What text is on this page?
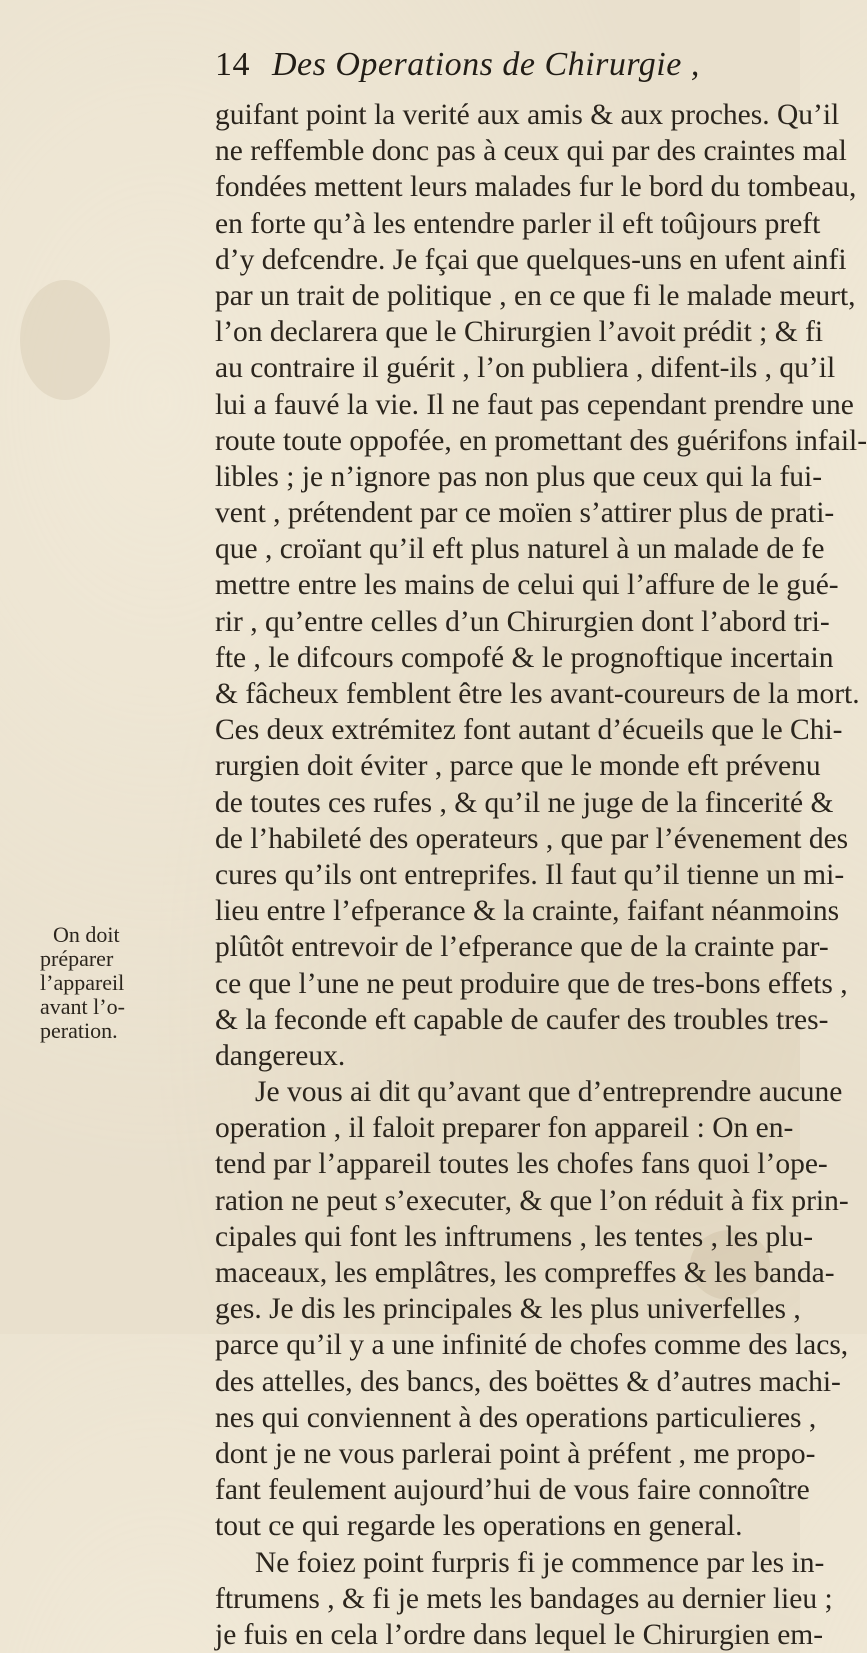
14 Des Operations de Chirurgie ,
guifant point la verité aux amis & aux proches. Qu’il
ne reffemble donc pas à ceux qui par des craintes mal
fondées mettent leurs malades fur le bord du tombeau,
en forte qu’à les entendre parler il eft toûjours preft
d’y defcendre. Je fçai que quelques-uns en ufent ainfi
par un trait de politique , en ce que fi le malade meurt,
l’on declarera que le Chirurgien l’avoit prédit ; & fi
au contraire il guérit , l’on publiera , difent-ils , qu’il
lui a fauvé la vie. Il ne faut pas cependant prendre une
route toute oppofée, en promettant des guérifons infail-
libles ; je n’ignore pas non plus que ceux qui la fui-
vent , prétendent par ce moïen s’attirer plus de prati-
que , croïant qu’il eft plus naturel à un malade de fe
mettre entre les mains de celui qui l’affure de le gué-
rir , qu’entre celles d’un Chirurgien dont l’abord tri-
fte , le difcours compofé & le prognoftique incertain
& fâcheux femblent être les avant-coureurs de la mort.
Ces deux extrémitez font autant d’écueils que le Chi-
rurgien doit éviter , parce que le monde eft prévenu
de toutes ces rufes , & qu’il ne juge de la fincerité &
de l’habileté des operateurs , que par l’évenement des
cures qu’ils ont entreprifes. Il faut qu’il tienne un mi-
lieu entre l’efperance & la crainte, faifant néanmoins
plûtôt entrevoir de l’efperance que de la crainte par-
ce que l’une ne peut produire que de tres-bons effets ,
& la feconde eft capable de caufer des troubles tres-
dangereux.
Je vous ai dit qu’avant que d’entreprendre aucune
operation , il faloit preparer fon appareil : On en-
tend par l’appareil toutes les chofes fans quoi l’ope-
ration ne peut s’executer, & que l’on réduit à fix prin-
cipales qui font les inftrumens , les tentes , les plu-
maceaux, les emplâtres, les compreffes & les banda-
ges. Je dis les principales & les plus univerfelles ,
parce qu’il y a une infinité de chofes comme des lacs,
des attelles, des bancs, des boëttes & d’autres machi-
nes qui conviennent à des operations particulieres ,
dont je ne vous parlerai point à préfent , me propo-
fant feulement aujourd’hui de vous faire connoître
tout ce qui regarde les operations en general.
Ne foiez point furpris fi je commence par les in-
ftrumens , & fi je mets les bandages au dernier lieu ;
je fuis en cela l’ordre dans lequel le Chirurgien em-
On doit
préparer
l’appareil
avant l’o-
peration.
